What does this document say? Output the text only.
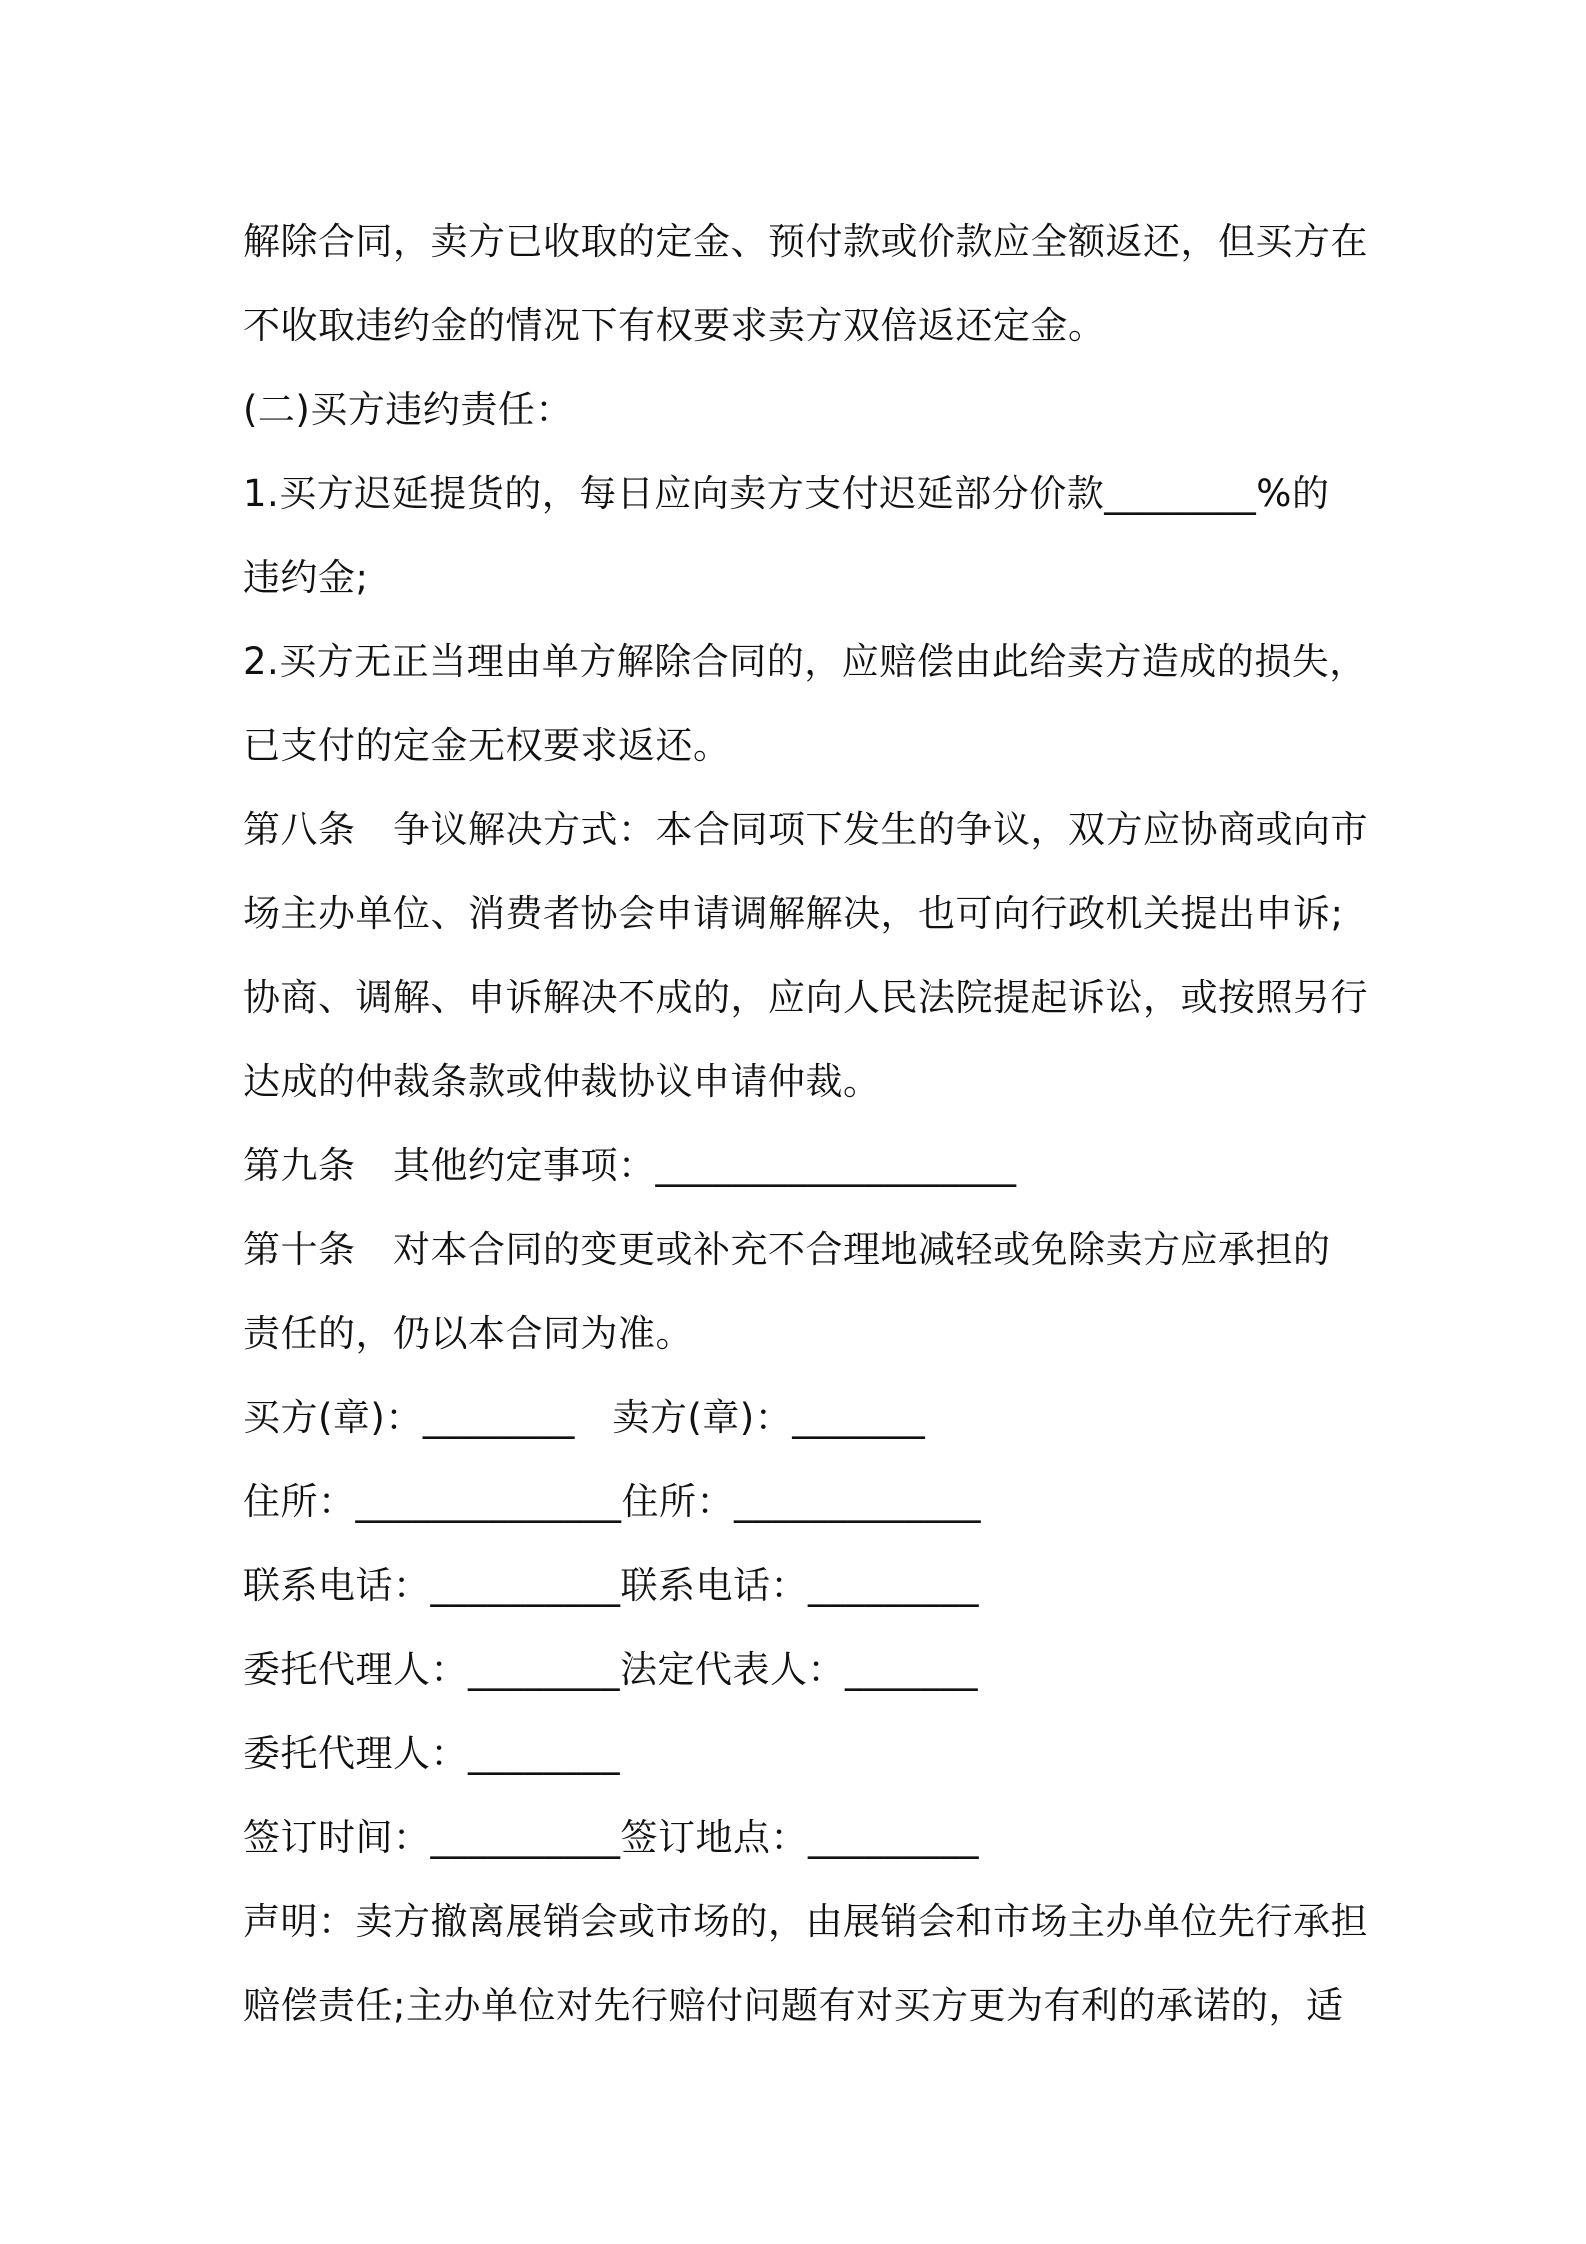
解除合同，卖方已收取的定金、预付款或价款应全额返还，但买方在
不收取违约金的情况下有权要求卖方双倍返还定金。
(二)买方违约责任：
1.买方迟延提货的，每日应向卖方支付迟延部分价款________%的
违约金;
2.买方无正当理由单方解除合同的，应赔偿由此给卖方造成的损失，
已支付的定金无权要求返还。
第八条　争议解决方式：本合同项下发生的争议，双方应协商或向市
场主办单位、消费者协会申请调解解决，也可向行政机关提出申诉;
协商、调解、申诉解决不成的，应向人民法院提起诉讼，或按照另行
达成的仲裁条款或仲裁协议申请仲裁。
第九条　其他约定事项：___________________
第十条　对本合同的变更或补充不合理地减轻或免除卖方应承担的
责任的，仍以本合同为准。
买方(章)：________　卖方(章)：_______
住所：______________住所：_____________
联系电话：__________联系电话：_________
委托代理人：________法定代表人：_______
委托代理人：________
签订时间：__________签订地点：_________
声明：卖方撤离展销会或市场的，由展销会和市场主办单位先行承担
赔偿责任;主办单位对先行赔付问题有对买方更为有利的承诺的，适
